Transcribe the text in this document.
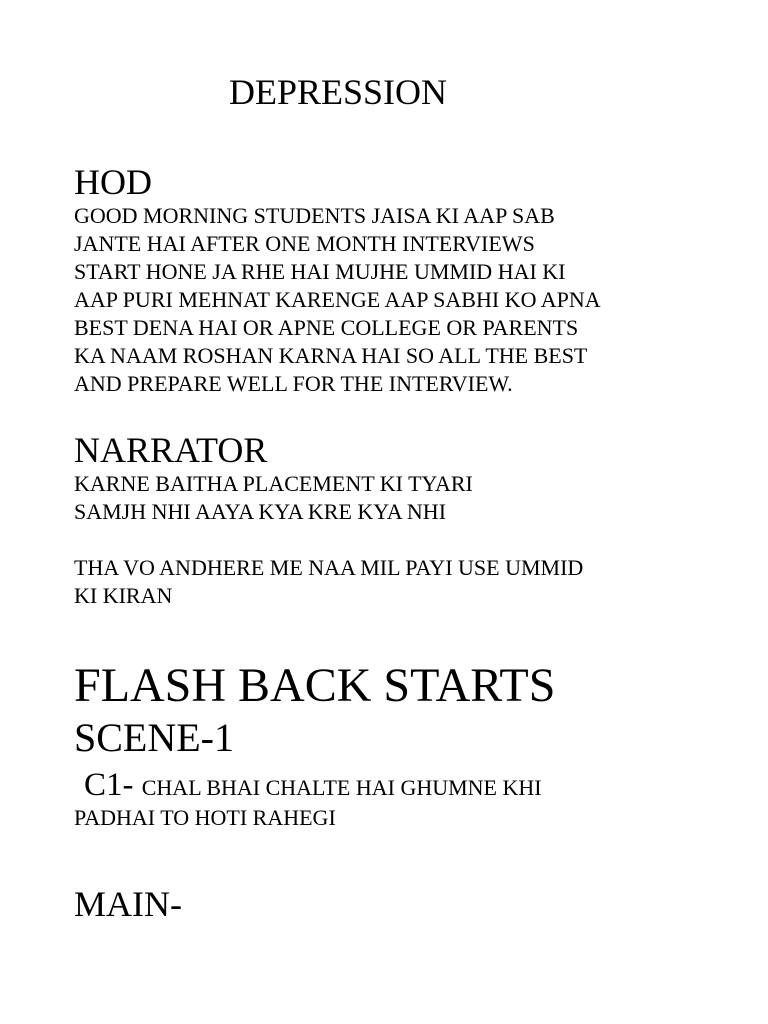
DEPRESSION
HOD

GOOD MORNING STUDENTS JAISA KI AAP SAB
JANTE HAI AFTER ONE MONTH INTERVIEWS
START HONE JA RHE HAI MUJHE UMMID HAI KI
AAP PURI MEHNAT KARENGE AAP SABHI KO APNA
BEST DENA HAI OR APNE COLLEGE OR PARENTS
KA NAAM ROSHAN KARNA HAI SO ALL THE BEST
AND PREPARE WELL FOR THE INTERVIEW.

NARRATOR

KARNE BAITHA PLACEMENT KI TYARI
SAMJH NHI AAYA KYA KRE KYA NHI

THA VO ANDHERE ME NAA MIL PAYI USE UMMID
KI KIRAN

FLASH BACK STARTS
SCENE-1
C1- CHAL BHAI CHALTE HAI GHUMNE KHI
PADHAI TO HOTI RAHEGI
MAIN-
